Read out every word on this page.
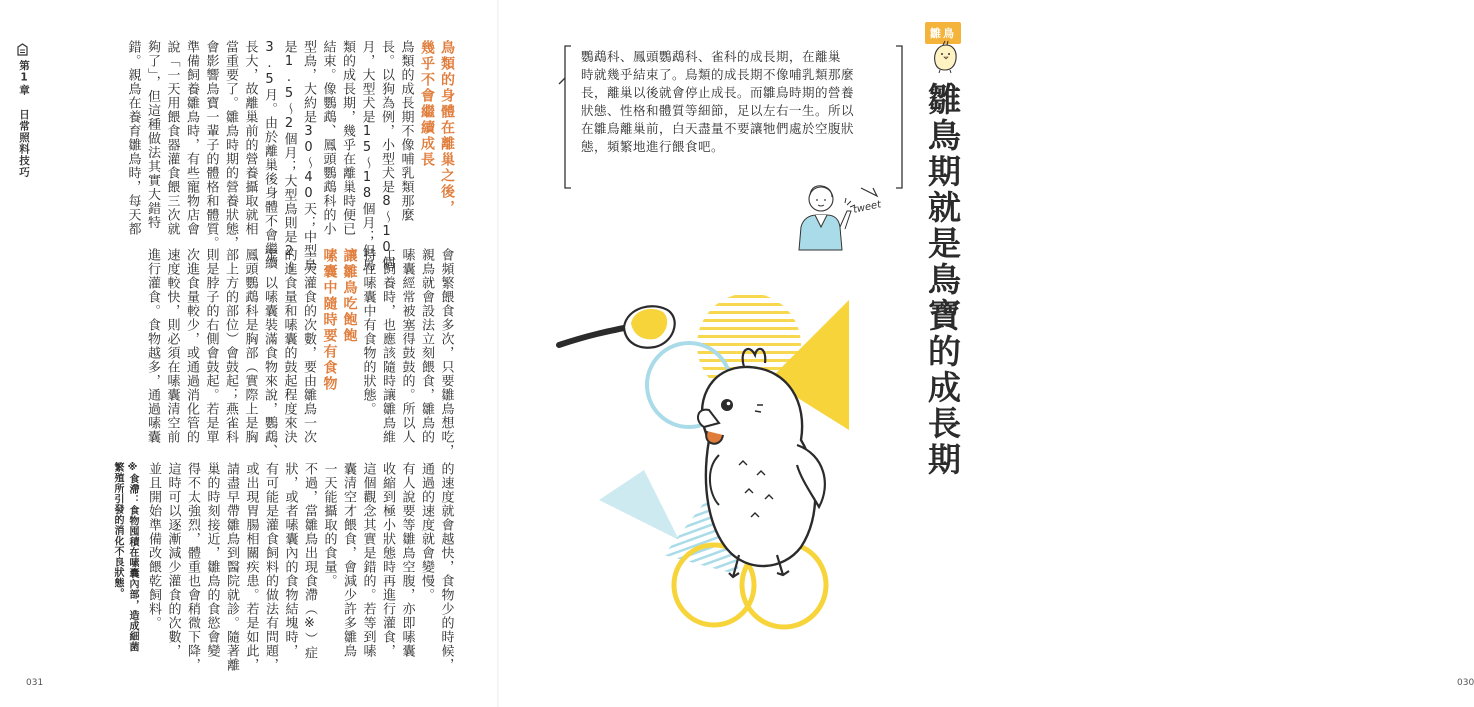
第1章 日常照料技巧	鳥類的身體在離巢之後，
幾乎不會繼續成長
鳥類的成長期不像哺乳類那麼
長。以狗為例，小型犬是8〜10個
月，大型犬是15〜18個月；但鳥
類的成長期，幾乎在離巢時便已
結束。像鸚鵡、鳳頭鸚鵡科的小
型鳥，大約是30〜40天；中型鳥
是1.5〜2個月；大型鳥則是2〜
3.5月。由於離巢後身體不會繼續
長大，故離巢前的營養攝取就相
當重要了。雛鳥時期的營養狀態，
會影響鳥寶一輩子的體格和體質。
準備飼養雛鳥時，有些寵物店會
說「一天用餵食器灌食餵三次就
夠了」，但這種做法其實大錯特
錯。親鳥在養育雛鳥時，每天都
會頻繁餵食多次，只要雛鳥想吃，
親鳥就會設法立刻餵食，雛鳥的
嗉囊經常被塞得鼓鼓的。所以人
工飼養時，也應該隨時讓雛鳥維
持在嗉囊中有食物的狀態。
讓雛鳥吃飽飽
嗉囊中隨時要有食物
一天灌食的次數，要由雛鳥一次
的進食量和嗉囊的鼓起程度來決
定。以嗉囊裝滿食物來說，鸚鵡、
鳳頭鸚鵡科是胸部（實際上是胸
部上方的部位）會鼓起；燕雀科
則是脖子的右側會鼓起。若是單
次進食量較少，或通過消化管的
速度較快，則必須在嗉囊清空前
進行灌食。食物越多，通過嗉囊
的速度就會越快，食物少的時候，
通過的速度就會變慢。
有人說要等雛鳥空腹，亦即嗉囊
收縮到極小狀態時再進行灌食，
這個觀念其實是錯的。若等到嗉
囊清空才餵食，會減少許多雛鳥
一天能攝取的食量。
不過，當雛鳥出現食滯（※）症
狀，或者嗉囊內的食物結塊時，
有可能是灌食飼料的做法有問題，
或出現胃腸相關疾患。若是如此，
請盡早帶雛鳥到醫院就診。隨著離
巢的時刻接近，雛鳥的食慾會變
得不太強烈，體重也會稍微下降，
這時可以逐漸減少灌食的次數，
並且開始準備改餵乾飼料。
※食滯：食物囤積在嗉囊內部，造成細菌
繁殖所引發的消化不良狀態。
031
雛鳥
雛鳥期就是鳥寶的成長期
鸚鵡科、鳳頭鸚鵡科、雀科的成長期，在離巢
時就幾乎結束了。鳥類的成長期不像哺乳類那麼
長，離巢以後就會停止成長。而雛鳥時期的營養
狀態、性格和體質等細節，足以左右一生。所以
在雛鳥離巢前，白天盡量不要讓牠們處於空腹狀
態，頻繁地進行餵食吧。
tweet
030
